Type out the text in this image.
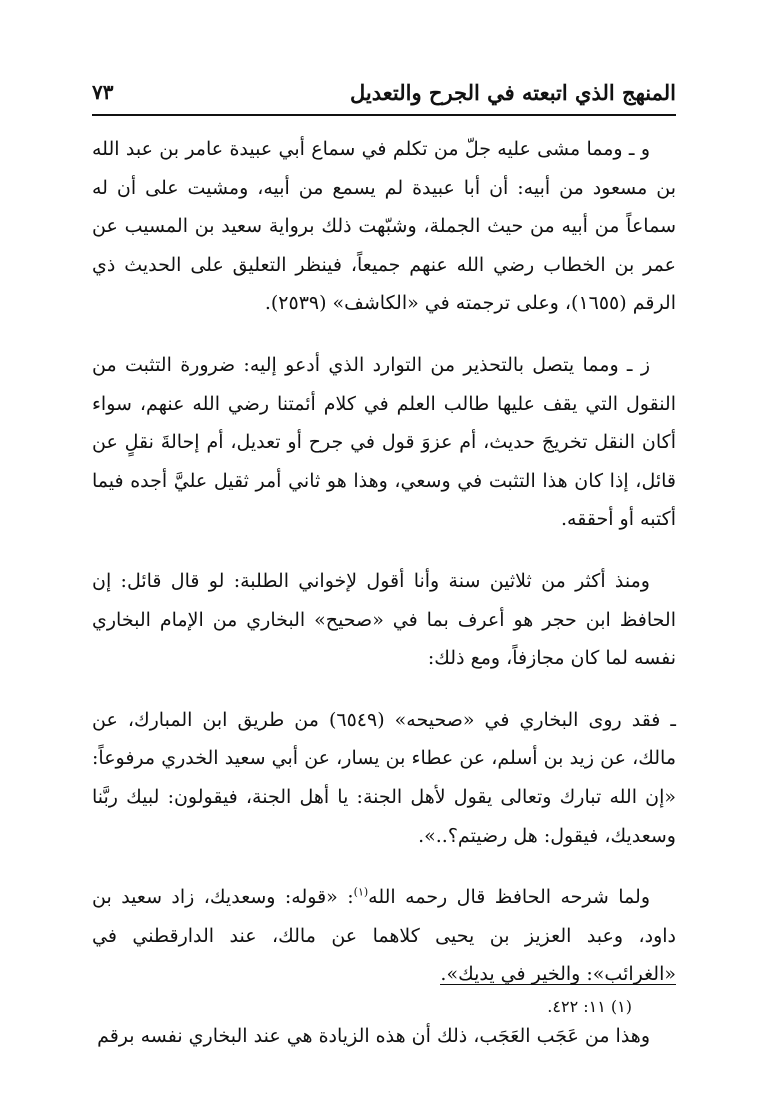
المنهج الذي اتبعته في الجرح والتعديل
٧٣

و ـ ومما مشى عليه جلّ من تكلم في سماع أبي عبيدة عامر بن عبد الله بن مسعود من أبيه: أن أبا عبيدة لم يسمع من أبيه، ومشيت على أن له سماعاً من أبيه من حيث الجملة، وشبّهت ذلك برواية سعيد بن المسيب عن عمر بن الخطاب رضي الله عنهم جميعاً، فينظر التعليق على الحديث ذي الرقم (١٦٥٥)، وعلى ترجمته في «الكاشف» (٢٥٣٩).

ز ـ ومما يتصل بالتحذير من التوارد الذي أدعو إليه: ضرورة التثبت من النقول التي يقف عليها طالب العلم في كلام أئمتنا رضي الله عنهم، سواء أكان النقل تخريجَ حديث، أم عزوَ قول في جرح أو تعديل، أم إحالةَ نقلٍ عن قائل، إذا كان هذا التثبت في وسعي، وهذا هو ثاني أمر ثقيل عليَّ أجده فيما أكتبه أو أحققه.

ومنذ أكثر من ثلاثين سنة وأنا أقول لإخواني الطلبة: لو قال قائل: إن الحافظ ابن حجر هو أعرف بما في «صحيح» البخاري من الإمام البخاري نفسه لما كان مجازفاً، ومع ذلك:

ـ فقد روى البخاري في «صحيحه» (٦٥٤٩) من طريق ابن المبارك، عن مالك، عن زيد بن أسلم، عن عطاء بن يسار، عن أبي سعيد الخدري مرفوعاً: «إن الله تبارك وتعالى يقول لأهل الجنة: يا أهل الجنة، فيقولون: لبيك ربَّنا وسعديك، فيقول: هل رضيتم؟..».

ولما شرحه الحافظ قال رحمه الله$^{(١)}$: «قوله: وسعديك، زاد سعيد بن داود، وعبد العزيز بن يحيى كلاهما عن مالك، عند الدارقطني في «الغرائب»: والخير في يديك».

وهذا من عَجَب العَجَب، ذلك أن هذه الزيادة هي عند البخاري نفسه برقم

(١) ١١: ٤٢٢.
